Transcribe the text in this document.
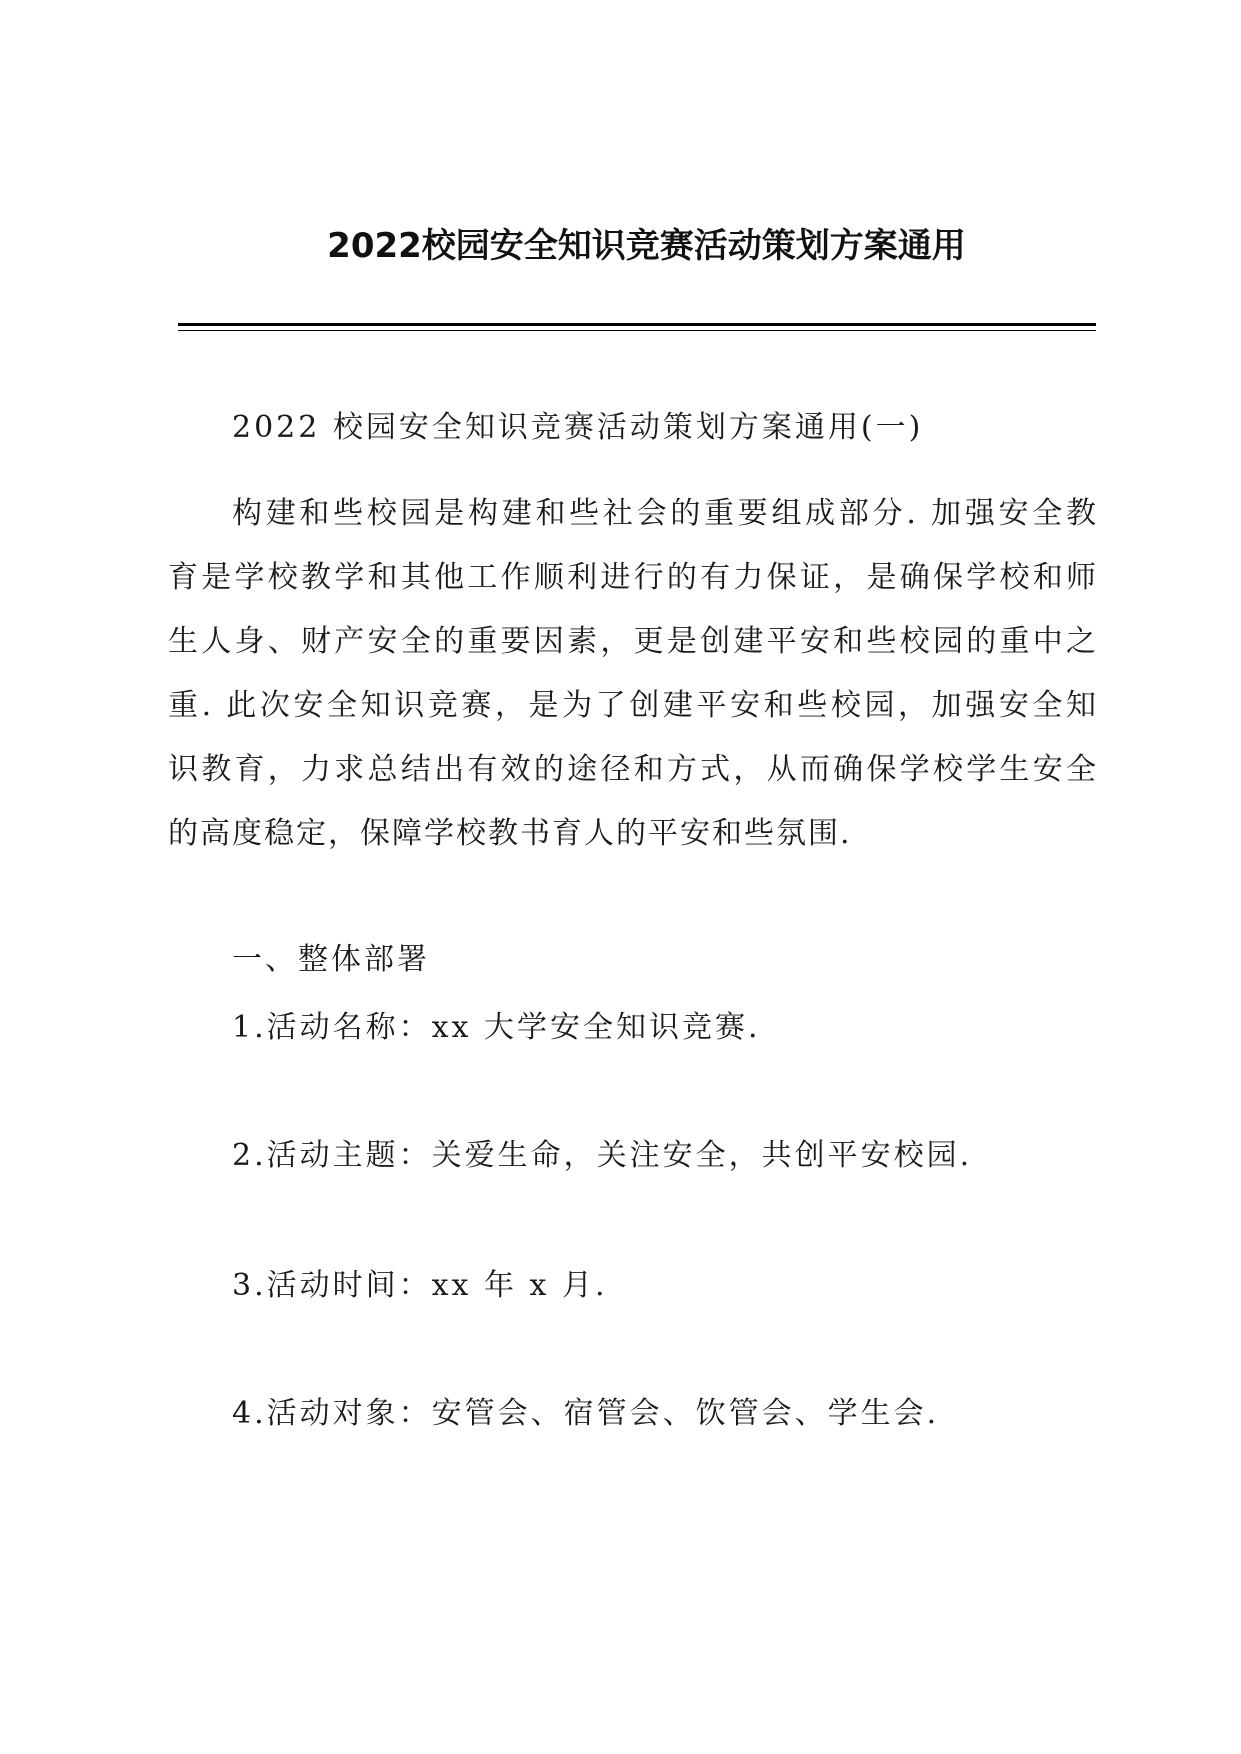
2022校园安全知识竞赛活动策划方案通用
2022 校园安全知识竞赛活动策划方案通用(一)
构建和些校园是构建和些社会的重要组成部分. 加强安全教
育是学校教学和其他工作顺利进行的有力保证，是确保学校和师
生人身、财产安全的重要因素，更是创建平安和些校园的重中之
重. 此次安全知识竞赛，是为了创建平安和些校园，加强安全知
识教育，力求总结出有效的途径和方式，从而确保学校学生安全
的高度稳定，保障学校教书育人的平安和些氛围.
一、整体部署
1.活动名称：xx 大学安全知识竞赛.
2.活动主题：关爱生命，关注安全，共创平安校园.
3.活动时间：xx 年 x 月.
4.活动对象：安管会、宿管会、饮管会、学生会.
